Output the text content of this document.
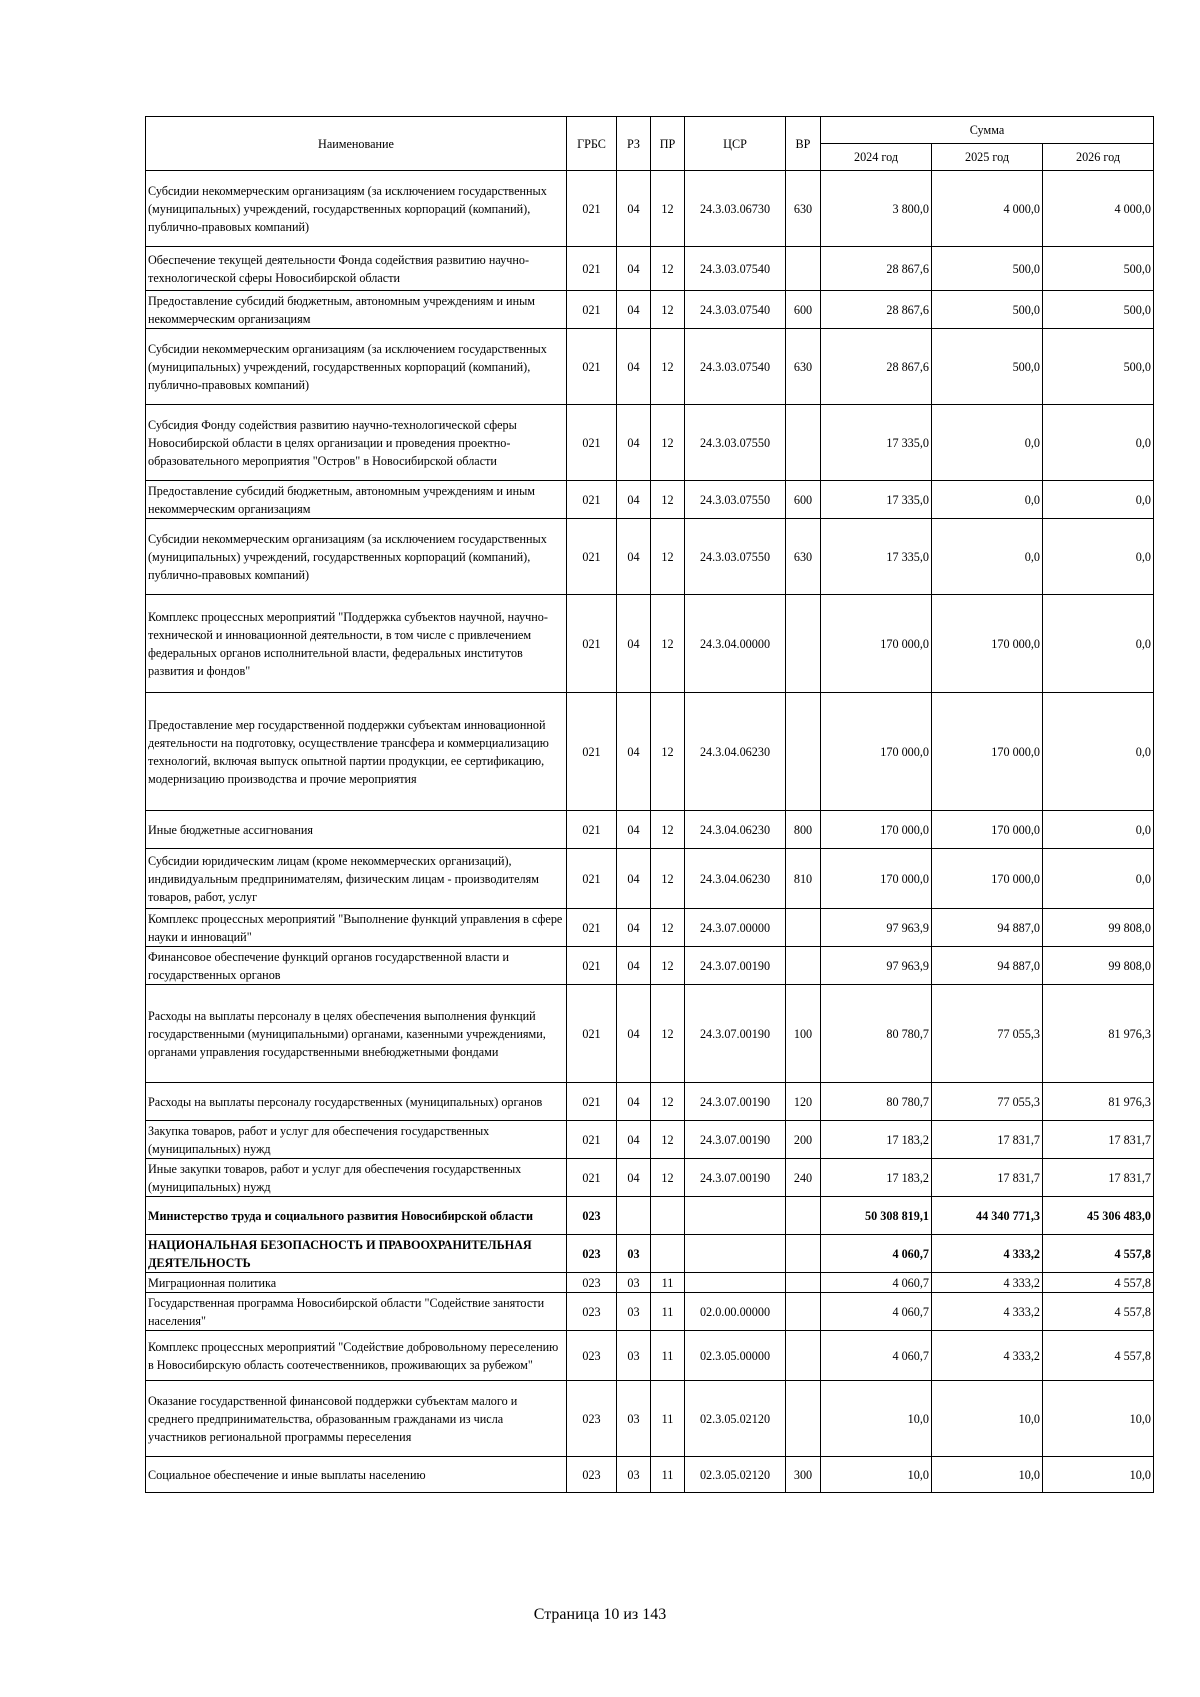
Наименование	ГРБС	РЗ	ПР	ЦСР	ВР	Сумма		
						2024 год	2025 год	2026 год
Субсидии некоммерческим организациям (за исключением государственных (муниципальных) учреждений, государственных корпораций (компаний), публично-правовых компаний)	021	04	12	24.3.03.06730	630	3 800,0	4 000,0	4 000,0
Обеспечение текущей деятельности Фонда содействия развитию научно-технологической сферы Новосибирской области	021	04	12	24.3.03.07540		28 867,6	500,0	500,0
Предоставление субсидий бюджетным, автономным учреждениям и иным некоммерческим организациям	021	04	12	24.3.03.07540	600	28 867,6	500,0	500,0
Субсидии некоммерческим организациям (за исключением государственных (муниципальных) учреждений, государственных корпораций (компаний), публично-правовых компаний)	021	04	12	24.3.03.07540	630	28 867,6	500,0	500,0
Субсидия Фонду содействия развитию научно-технологической сферы Новосибирской области в целях организации и проведения проектно-образовательного мероприятия "Остров" в Новосибирской области	021	04	12	24.3.03.07550		17 335,0	0,0	0,0
Предоставление субсидий бюджетным, автономным учреждениям и иным некоммерческим организациям	021	04	12	24.3.03.07550	600	17 335,0	0,0	0,0
Субсидии некоммерческим организациям (за исключением государственных (муниципальных) учреждений, государственных корпораций (компаний), публично-правовых компаний)	021	04	12	24.3.03.07550	630	17 335,0	0,0	0,0
Комплекс процессных мероприятий "Поддержка субъектов научной, научно-технической и инновационной деятельности, в том числе с привлечением федеральных органов исполнительной власти, федеральных институтов развития и фондов"	021	04	12	24.3.04.00000		170 000,0	170 000,0	0,0
Предоставление мер государственной поддержки субъектам инновационной деятельности на подготовку, осуществление трансфера и коммерциализацию технологий, включая выпуск опытной партии продукции, ее сертификацию, модернизацию производства и прочие мероприятия	021	04	12	24.3.04.06230		170 000,0	170 000,0	0,0
Иные бюджетные ассигнования	021	04	12	24.3.04.06230	800	170 000,0	170 000,0	0,0
Субсидии юридическим лицам (кроме некоммерческих организаций), индивидуальным предпринимателям, физическим лицам - производителям товаров, работ, услуг	021	04	12	24.3.04.06230	810	170 000,0	170 000,0	0,0
Комплекс процессных мероприятий "Выполнение функций управления в сфере науки и инноваций"	021	04	12	24.3.07.00000		97 963,9	94 887,0	99 808,0
Финансовое обеспечение функций органов государственной власти и государственных органов	021	04	12	24.3.07.00190		97 963,9	94 887,0	99 808,0
Расходы на выплаты персоналу в целях обеспечения выполнения функций государственными (муниципальными) органами, казенными учреждениями, органами управления государственными внебюджетными фондами	021	04	12	24.3.07.00190	100	80 780,7	77 055,3	81 976,3
Расходы на выплаты персоналу государственных (муниципальных) органов	021	04	12	24.3.07.00190	120	80 780,7	77 055,3	81 976,3
Закупка товаров, работ и услуг для обеспечения государственных (муниципальных) нужд	021	04	12	24.3.07.00190	200	17 183,2	17 831,7	17 831,7
Иные закупки товаров, работ и услуг для обеспечения государственных (муниципальных) нужд	021	04	12	24.3.07.00190	240	17 183,2	17 831,7	17 831,7
Министерство труда и социального развития Новосибирской области	023					50 308 819,1	44 340 771,3	45 306 483,0
НАЦИОНАЛЬНАЯ БЕЗОПАСНОСТЬ И ПРАВООХРАНИТЕЛЬНАЯ ДЕЯТЕЛЬНОСТЬ	023	03				4 060,7	4 333,2	4 557,8
Миграционная политика	023	03	11			4 060,7	4 333,2	4 557,8
Государственная программа Новосибирской области "Содействие занятости населения"	023	03	11	02.0.00.00000		4 060,7	4 333,2	4 557,8
Комплекс процессных мероприятий "Содействие добровольному переселению в Новосибирскую область соотечественников, проживающих за рубежом"	023	03	11	02.3.05.00000		4 060,7	4 333,2	4 557,8
Оказание государственной финансовой поддержки субъектам малого и среднего предпринимательства, образованным гражданами из числа участников региональной программы переселения	023	03	11	02.3.05.02120		10,0	10,0	10,0
Социальное обеспечение и иные выплаты населению	023	03	11	02.3.05.02120	300	10,0	10,0	10,0
Страница 10 из 143
